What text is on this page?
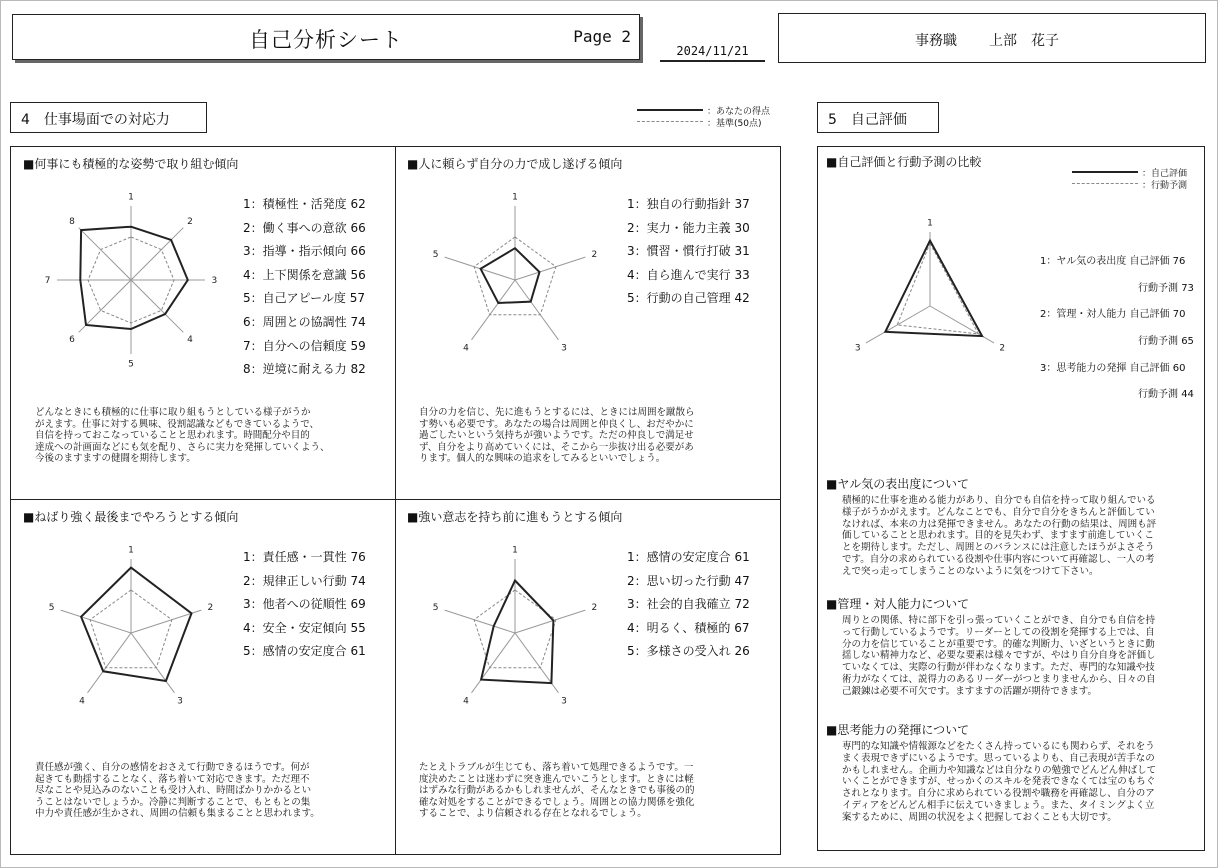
自己分析シート	Page 2
2024/11/21
事務職 上部　花子
4　仕事場面での対応力	：あなたの得点
：基準(50点)	5　自己評価
■何事にも積極的な姿勢で取り組む傾向
1
2
3
4
5
6
7
8
1：積極性・活発度 62
2：働く事への意欲 66
3：指導・指示傾向 66
4：上下関係を意識 56
5：自己アピール度 57
6：周囲との協調性 74
7：自分への信頼度 59
8：逆境に耐える力 82
どんなときにも積極的に仕事に取り組もうとしている様子がうか
がえます。仕事に対する興味、役割認識などもできているようで、
自信を持っておこなっていることと思われます。時間配分や目的
達成への計画面などにも気を配り、さらに実力を発揮していくよう、
今後のますますの健闘を期待します。
■人に頼らず自分の力で成し遂げる傾向
1
2
3
4
5
1：独自の行動指針 37
2：実力・能力主義 30
3：慣習・慣行打破 31
4：自ら進んで実行 33
5：行動の自己管理 42
自分の力を信じ、先に進もうとするには、ときには周囲を蹴散ら
す勢いも必要です。あなたの場合は周囲と仲良くし、おだやかに
過ごしたいという気持ちが強いようです。ただの仲良しで満足せ
ず、自分をより高めていくには、そこから一歩抜け出る必要があ
ります。個人的な興味の追求をしてみるといいでしょう。
■ねばり強く最後までやろうとする傾向
1
2
3
4
5
1：責任感・一貫性 76
2：規律正しい行動 74
3：他者への従順性 69
4：安全・安定傾向 55
5：感情の安定度合 61
責任感が強く、自分の感情をおさえて行動できるほうです。何が
起きても動揺することなく、落ち着いて対応できます。ただ理不
尽なことや見込みのないことも受け入れ、時間ばかりかかるとい
うことはないでしょうか。冷静に判断することで、もともとの集
中力や責任感が生かされ、周囲の信頼も集まることと思われます。
■強い意志を持ち前に進もうとする傾向
1
2
3
4
5
1：感情の安定度合 61
2：思い切った行動 47
3：社会的自我確立 72
4：明るく、積極的 67
5：多様さの受入れ 26
たとえトラブルが生じても、落ち着いて処理できるようです。一
度決めたことは迷わずに突き進んでいこうとします。ときには軽
はずみな行動があるかもしれませんが、そんなときでも事後の的
確な対処をすることができるでしょう。周囲との協力関係を強化
することで、より信頼される存在となれるでしょう。
■自己評価と行動予測の比較
：自己評価
：行動予測
1
2
3
1：ヤル気の表出度 自己評価 76
行動予測 73
2：管理・対人能力 自己評価 70
行動予測 65
3：思考能力の発揮 自己評価 60
行動予測 44
■ヤル気の表出度について
積極的に仕事を進める能力があり、自分でも自信を持って取り組んでいる
様子がうかがえます。どんなことでも、自分で自分をきちんと評価してい
なければ、本来の力は発揮できません。あなたの行動の結果は、周囲も評
価していることと思われます。目的を見失わず、ますます前進していくこ
とを期待します。ただし、周囲とのバランスには注意したほうがよさそう
です。自分の求められている役割や仕事内容について再確認し、一人の考
えで突っ走ってしまうことのないように気をつけて下さい。
■管理・対人能力について
周りとの関係、特に部下を引っ張っていくことができ、自分でも自信を持
って行動しているようです。リーダーとしての役割を発揮する上では、自
分の力を信じていることが重要です。的確な判断力、いざというときに動
揺しない精神力など、必要な要素は様々ですが、やはり自分自身を評価し
ていなくては、実際の行動が伴わなくなります。ただ、専門的な知識や技
術力がなくては、説得力のあるリーダーがつとまりませんから、日々の自
己鍛錬は必要不可欠です。ますますの活躍が期待できます。
■思考能力の発揮について
専門的な知識や情報源などをたくさん持っているにも関わらず、それをう
まく表現できずにいるようです。思っているよりも、自己表現が苦手なの
かもしれません。企画力や知識などは自分なりの勉強でどんどん伸ばして
いくことができますが、せっかくのスキルを発表できなくては宝のもちぐ
されとなります。自分に求められている役割や職務を再確認し、自分のア
イディアをどんどん相手に伝えていきましょう。また、タイミングよく立
案するために、周囲の状況をよく把握しておくことも大切です。
